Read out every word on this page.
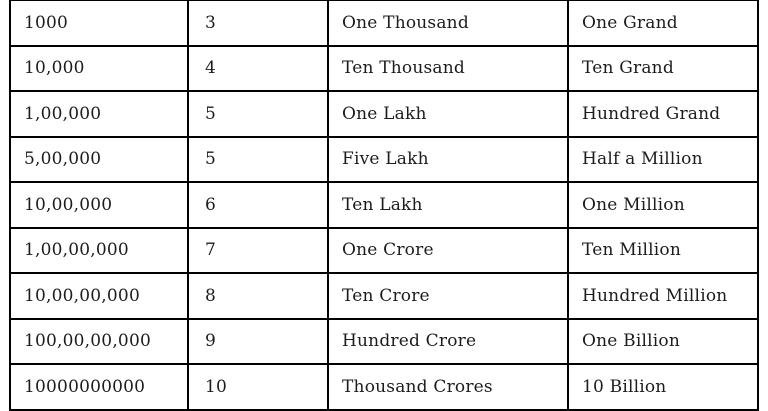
1000	3	One Thousand	One Grand
10,000	4	Ten Thousand	Ten Grand
1,00,000	5	One Lakh	Hundred Grand
5,00,000	5	Five Lakh	Half a Million
10,00,000	6	Ten Lakh	One Million
1,00,00,000	7	One Crore	Ten Million
10,00,00,000	8	Ten Crore	Hundred Million
100,00,00,000	9	Hundred Crore	One Billion
10000000000	10	Thousand Crores	10 Billion
